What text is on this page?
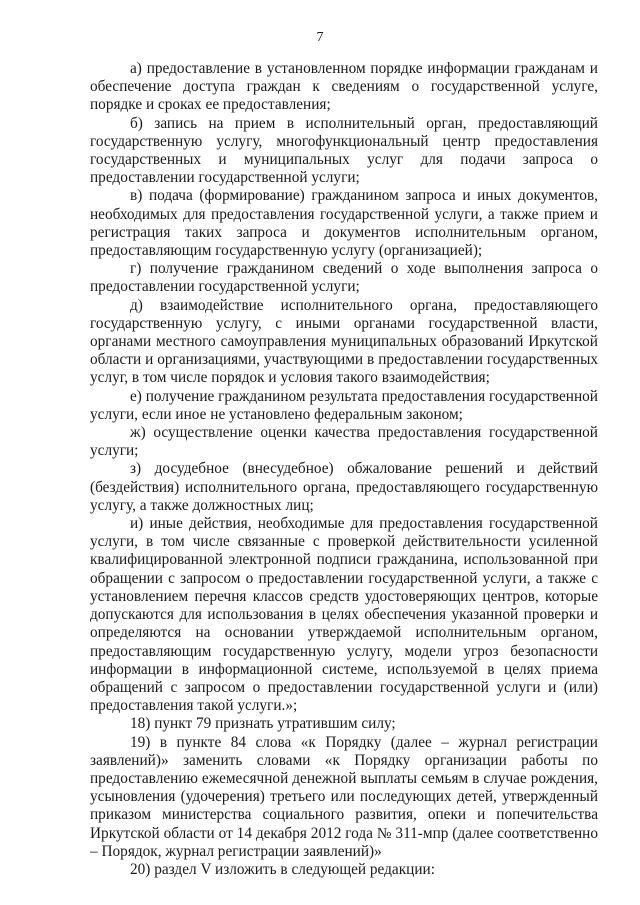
7

а) предоставление в установленном порядке информации гражданам и обеспечение доступа граждан к сведениям о государственной услуге, порядке и сроках ее предоставления;

б) запись на прием в исполнительный орган, предоставляющий государственную услугу, многофункциональный центр предоставления государственных и муниципальных услуг для подачи запроса о предоставлении государственной услуги;

в) подача (формирование) гражданином запроса и иных документов, необходимых для предоставления государственной услуги, а также прием и регистрация таких запроса и документов исполнительным органом, предоставляющим государственную услугу (организацией);

г) получение гражданином сведений о ходе выполнения запроса о предоставлении государственной услуги;

д) взаимодействие исполнительного органа, предоставляющего государственную услугу, с иными органами государственной власти, органами местного самоуправления муниципальных образований Иркутской области и организациями, участвующими в предоставлении государственных услуг, в том числе порядок и условия такого взаимодействия;

е) получение гражданином результата предоставления государственной услуги, если иное не установлено федеральным законом;

ж) осуществление оценки качества предоставления государственной услуги;

з) досудебное (внесудебное) обжалование решений и действий (бездействия) исполнительного органа, предоставляющего государственную услугу, а также должностных лиц;

и) иные действия, необходимые для предоставления государственной услуги, в том числе связанные с проверкой действительности усиленной квалифицированной электронной подписи гражданина, использованной при обращении с запросом о предоставлении государственной услуги, а также с установлением перечня классов средств удостоверяющих центров, которые допускаются для использования в целях обеспечения указанной проверки и определяются на основании утверждаемой исполнительным органом, предоставляющим государственную услугу, модели угроз безопасности информации в информационной системе, используемой в целях приема обращений с запросом о предоставлении государственной услуги и (или) предоставления такой услуги.»;

18) пункт 79 признать утратившим силу;

19) в пункте 84 слова «к Порядку (далее – журнал регистрации заявлений)» заменить словами «к Порядку организации работы по предоставлению ежемесячной денежной выплаты семьям в случае рождения, усыновления (удочерения) третьего или последующих детей, утвержденный приказом министерства социального развития, опеки и попечительства Иркутской области от 14 декабря 2012 года № 311-мпр (далее соответственно – Порядок, журнал регистрации заявлений)»

20) раздел V изложить в следующей редакции:
